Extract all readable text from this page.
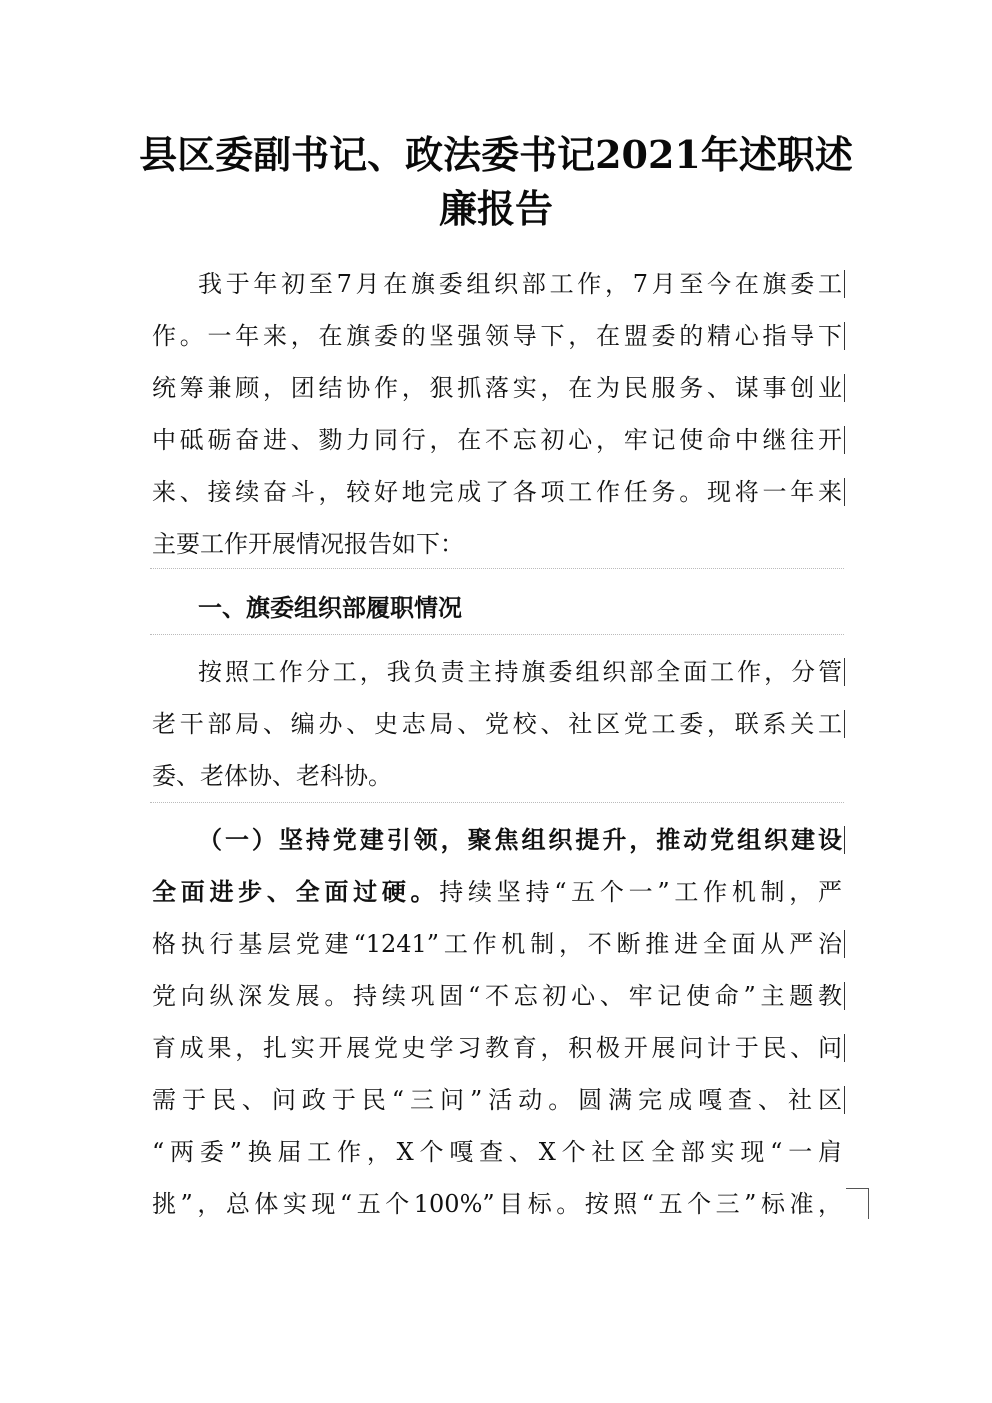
县区委副书记、政法委书记2021年述职述
廉报告
我于年初至7月在旗委组织部工作，7月至今在旗委工
作。一年来，在旗委的坚强领导下，在盟委的精心指导下
统筹兼顾，团结协作，狠抓落实，在为民服务、谋事创业
中砥砺奋进、勠力同行，在不忘初心，牢记使命中继往开
来、接续奋斗，较好地完成了各项工作任务。现将一年来
主要工作开展情况报告如下：
一、旗委组织部履职情况
按照工作分工，我负责主持旗委组织部全面工作，分管
老干部局、编办、史志局、党校、社区党工委，联系关工
委、老体协、老科协。
（一）坚持党建引领，聚焦组织提升，推动党组织建设
全面进步、全面过硬。持续坚持“五个一”工作机制，严
格执行基层党建“1241”工作机制，不断推进全面从严治
党向纵深发展。持续巩固“不忘初心、牢记使命”主题教
育成果，扎实开展党史学习教育，积极开展问计于民、问
需于民、问政于民“三问”活动。圆满完成嘎查、社区
“两委”换届工作，X个嘎查、X个社区全部实现“一肩
挑”，总体实现“五个100%”目标。按照“五个三”标准，
